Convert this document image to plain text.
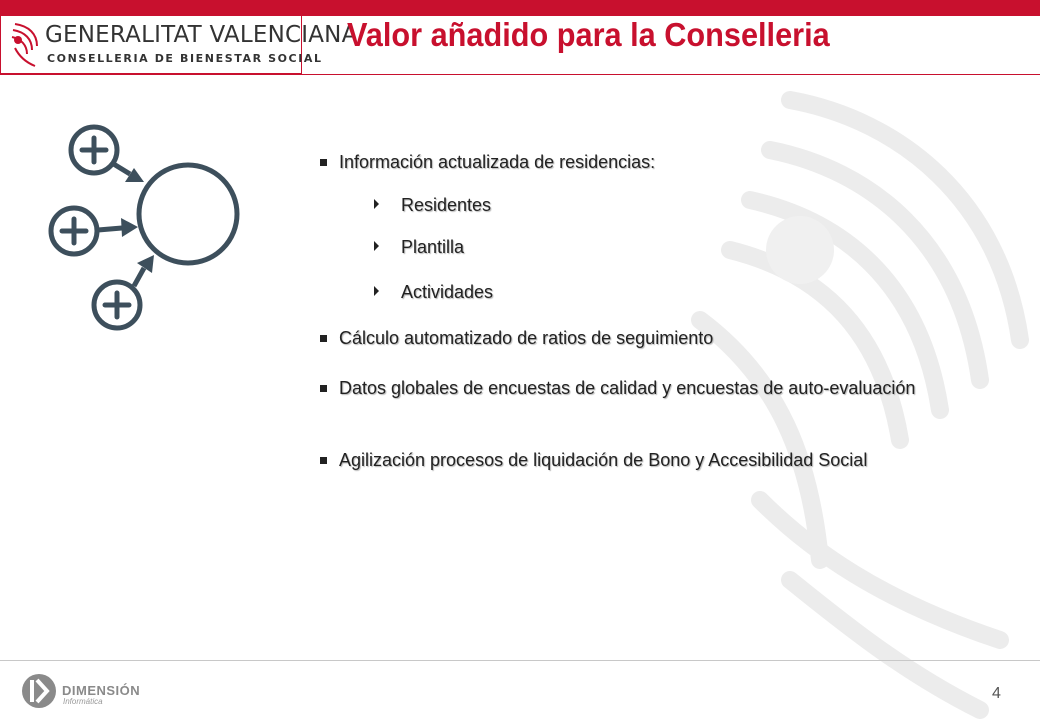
GENERALITAT VALENCIANA
CONSELLERIA DE BIENESTAR SOCIAL
Valor añadido para la Conselleria
Información actualizada de residencias:
Residentes
Plantilla
Actividades
Cálculo automatizado de ratios de seguimiento
Datos globales de encuestas de calidad y encuestas de auto-evaluación
Agilización procesos de liquidación de Bono y Accesibilidad Social
DIMENSIÓN
Informática	4
